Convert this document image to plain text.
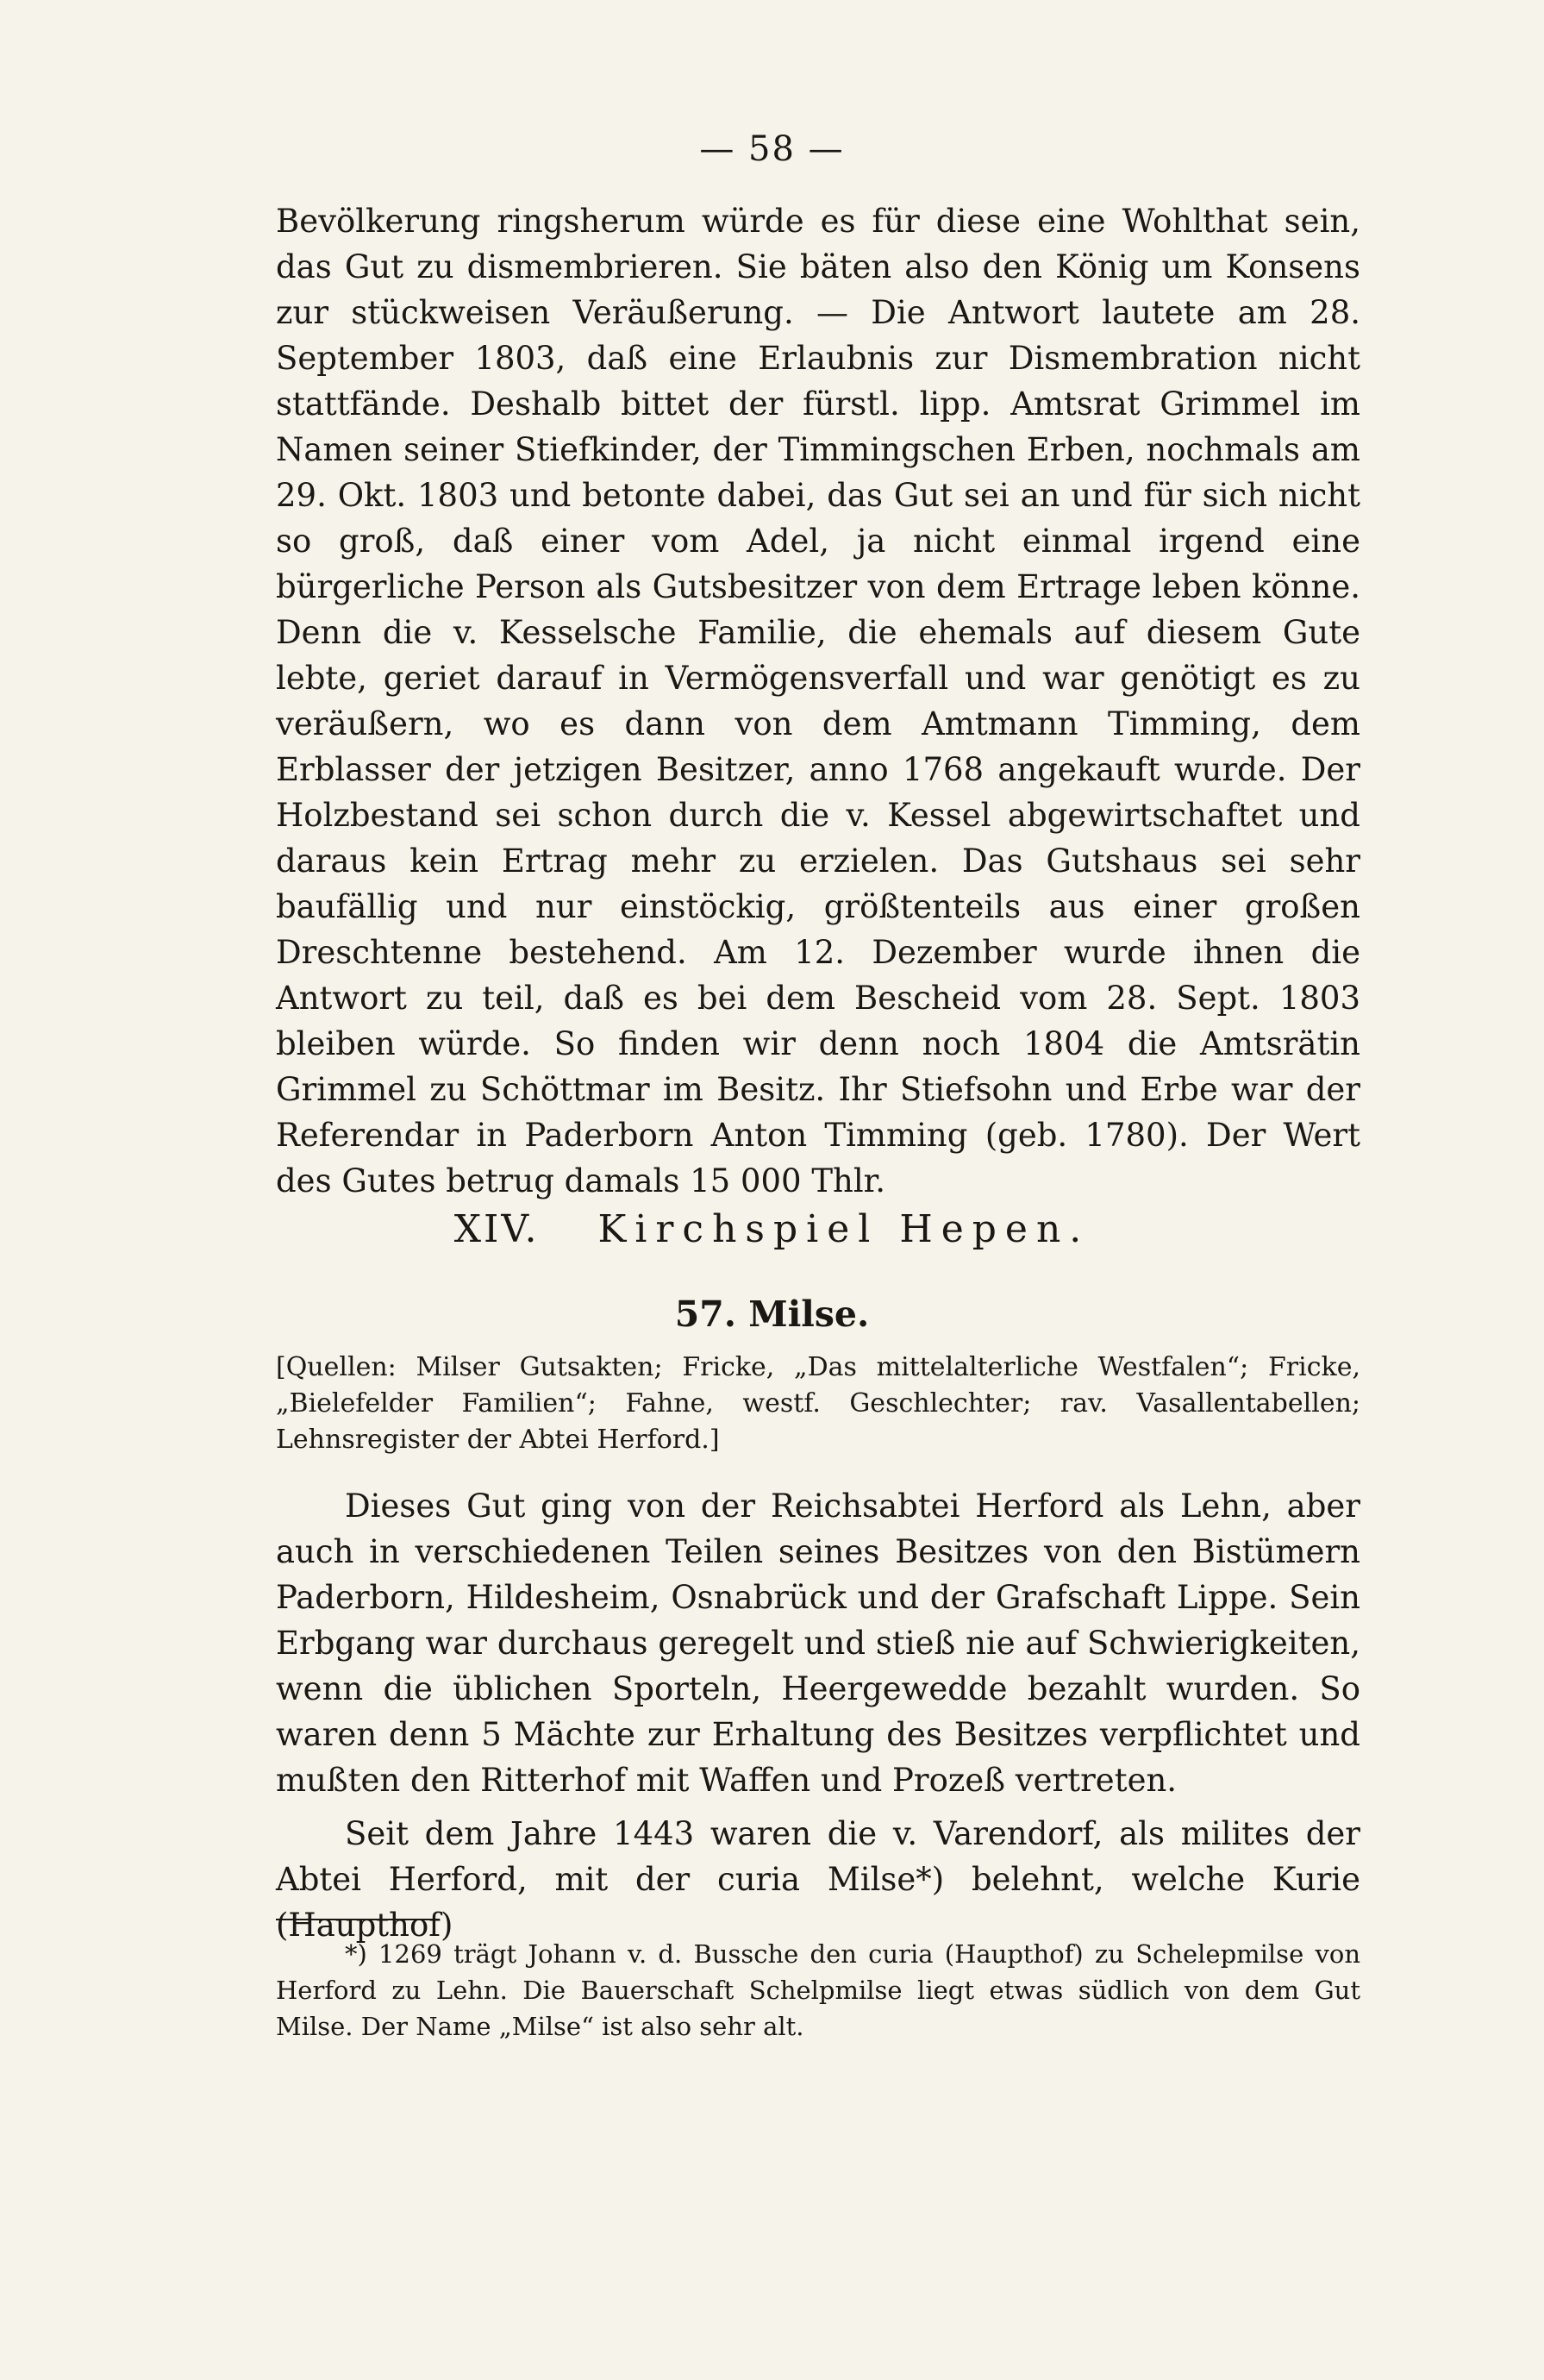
— 58 —
Bevölkerung ringsherum würde es für diese eine Wohlthat sein, das Gut zu dismembrieren. Sie bäten also den König um Konsens zur stückweisen Veräußerung. — Die Antwort lautete am 28. September 1803, daß eine Erlaubnis zur Dismembration nicht stattfände. Deshalb bittet der fürstl. lipp. Amtsrat Grimmel im Namen seiner Stiefkinder, der Timmingschen Erben, nochmals am 29. Okt. 1803 und betonte dabei, das Gut sei an und für sich nicht so groß, daß einer vom Adel, ja nicht einmal irgend eine bürgerliche Person als Gutsbesitzer von dem Ertrage leben könne. Denn die v. Kesselsche Familie, die ehemals auf diesem Gute lebte, geriet darauf in Vermögensverfall und war genötigt es zu veräußern, wo es dann von dem Amtmann Timming, dem Erblasser der jetzigen Besitzer, anno 1768 angekauft wurde. Der Holzbestand sei schon durch die v. Kessel abgewirtschaftet und daraus kein Ertrag mehr zu erzielen. Das Gutshaus sei sehr baufällig und nur einstöckig, größtenteils aus einer großen Dreschtenne bestehend. Am 12. Dezember wurde ihnen die Antwort zu teil, daß es bei dem Bescheid vom 28. Sept. 1803 bleiben würde. So finden wir denn noch 1804 die Amtsrätin Grimmel zu Schöttmar im Besitz. Ihr Stiefsohn und Erbe war der Referendar in Paderborn Anton Timming (geb. 1780). Der Wert des Gutes betrug damals 15 000 Thlr.
XIV. Kirchspiel Hepen.
57. Milse.
[Quellen: Milser Gutsakten; Fricke, „Das mittelalterliche Westfalen“; Fricke, „Bielefelder Familien“; Fahne, westf. Geschlechter; rav. Vasallentabellen; Lehnsregister der Abtei Herford.]
Dieses Gut ging von der Reichsabtei Herford als Lehn, aber auch in verschiedenen Teilen seines Besitzes von den Bistümern Paderborn, Hildesheim, Osnabrück und der Grafschaft Lippe. Sein Erbgang war durchaus geregelt und stieß nie auf Schwierigkeiten, wenn die üblichen Sporteln, Heergewedde bezahlt wurden. So waren denn 5 Mächte zur Erhaltung des Besitzes verpflichtet und mußten den Ritterhof mit Waffen und Prozeß vertreten.
Seit dem Jahre 1443 waren die v. Varendorf, als milites der Abtei Herford, mit der curia Milse*) belehnt, welche Kurie (Haupthof)
*) 1269 trägt Johann v. d. Bussche den curia (Haupthof) zu Schelepmilse von Herford zu Lehn. Die Bauerschaft Schelpmilse liegt etwas südlich von dem Gut Milse. Der Name „Milse“ ist also sehr alt.
